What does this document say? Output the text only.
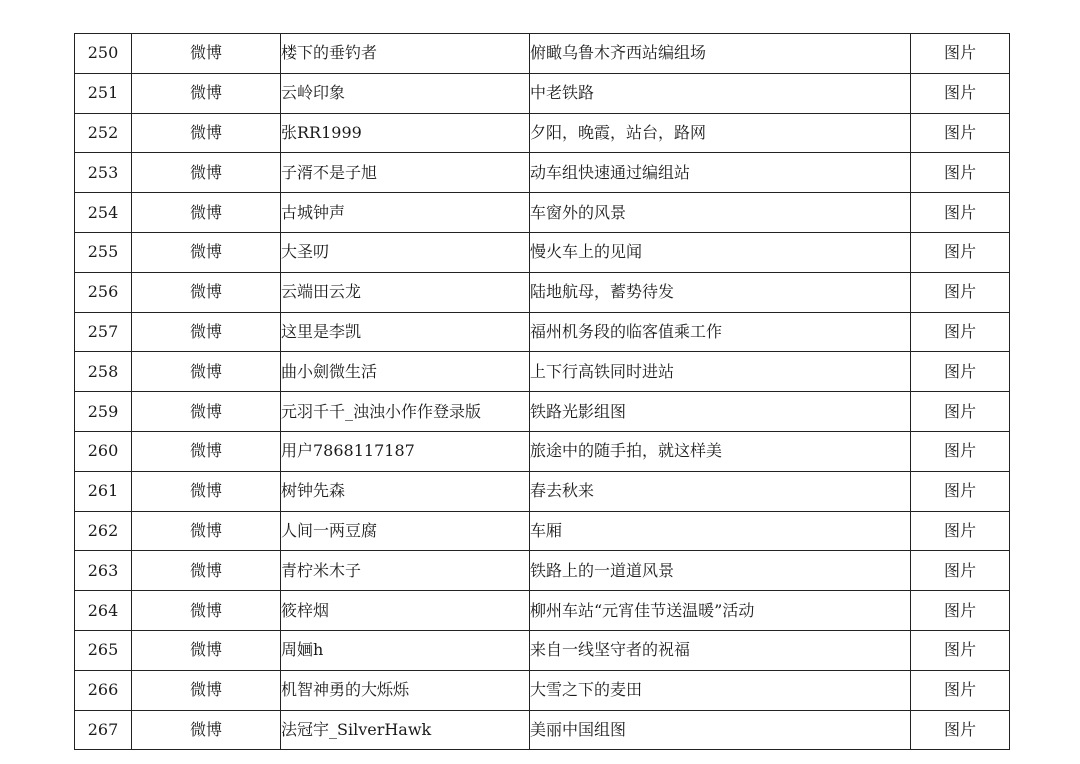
250	微博	楼下的垂钓者	俯瞰乌鲁木齐西站编组场	图片
251	微博	云岭印象	中老铁路	图片
252	微博	张RR1999	夕阳，晚霞，站台，路网	图片
253	微博	子湑不是子旭	动车组快速通过编组站	图片
254	微博	古城钟声	车窗外的风景	图片
255	微博	大圣叨	慢火车上的见闻	图片
256	微博	云端田云龙	陆地航母，蓄势待发	图片
257	微博	这里是李凯	福州机务段的临客值乘工作	图片
258	微博	曲小劍微生活	上下行高铁同时进站	图片
259	微博	元羽千千_浊浊小作作登录版	铁路光影组图	图片
260	微博	用户7868117187	旅途中的随手拍，就这样美	图片
261	微博	树钟先森	春去秋来	图片
262	微博	人间一两豆腐	车厢	图片
263	微博	青柠米木子	铁路上的一道道风景	图片
264	微博	筱梓烟	柳州车站“元宵佳节送温暖”活动	图片
265	微博	周婳h	来自一线坚守者的祝福	图片
266	微博	机智神勇的大烁烁	大雪之下的麦田	图片
267	微博	法冠宇_SilverHawk	美丽中国组图	图片
